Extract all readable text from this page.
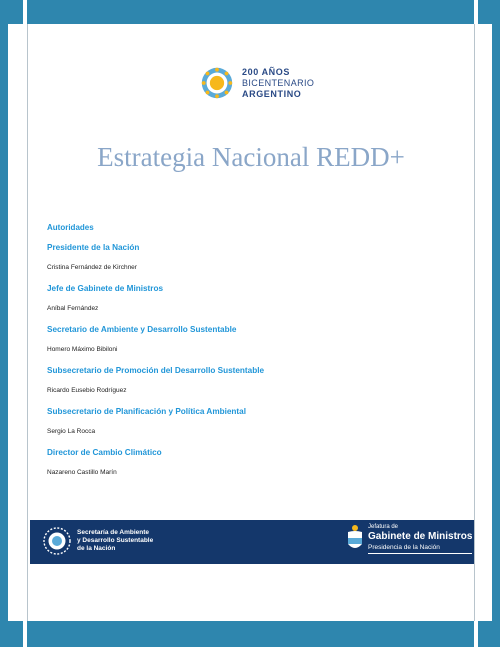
200 AÑOS
BICENTENARIO
ARGENTINO
Estrategia Nacional REDD+

Autoridades

Presidente de la Nación

Cristina Fernández de Kirchner

Jefe de Gabinete de Ministros

Aníbal Fernández

Secretario de Ambiente y Desarrollo Sustentable

Homero Máximo Bibiloni

Subsecretario de Promoción del Desarrollo Sustentable

Ricardo Eusebio Rodríguez

Subsecretario de Planificación y Política Ambiental

Sergio La Rocca

Director de Cambio Climático

Nazareno Castillo Marín

Secretaría de Ambiente
y Desarrollo Sustentable
de la Nación
Jefatura de
Gabinete de Ministros
Presidencia de la Nación
